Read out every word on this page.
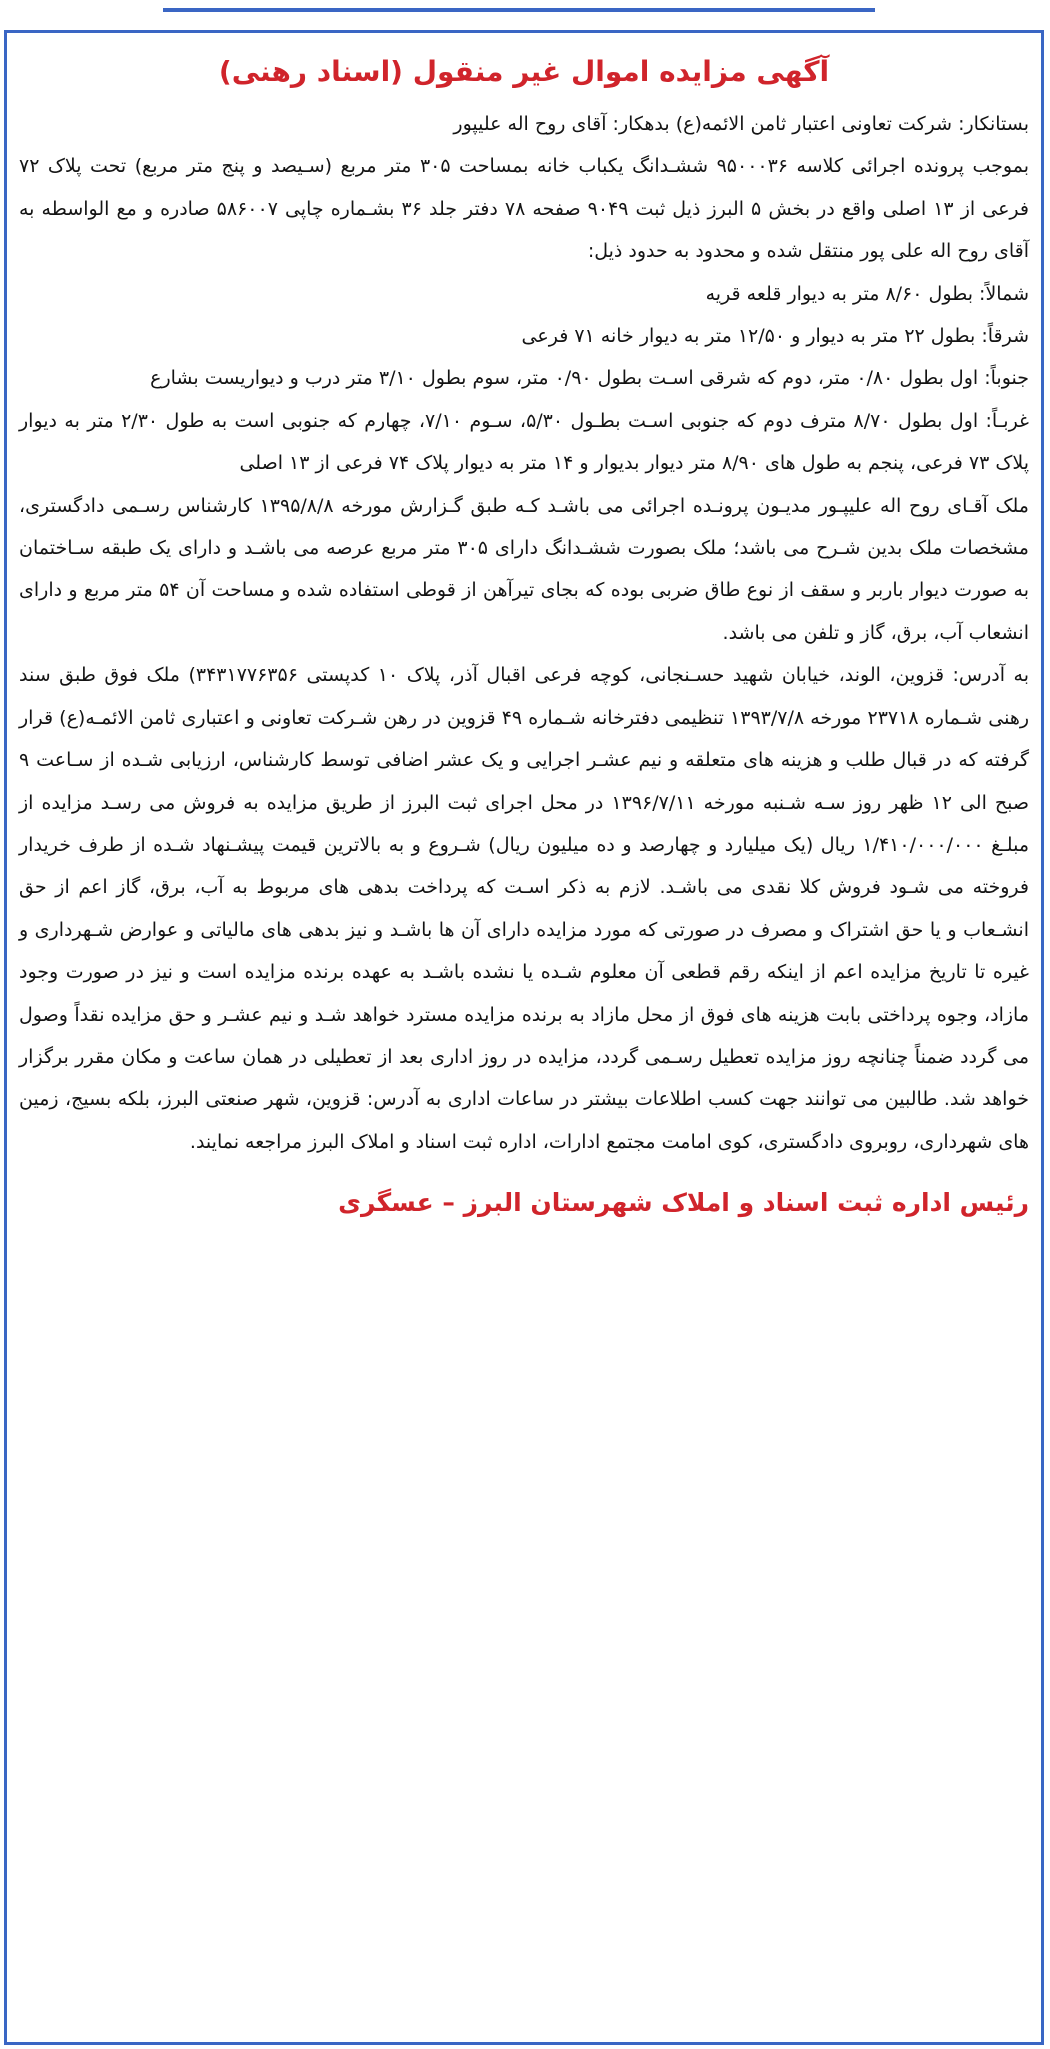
آگهی مزایده اموال غیر منقول (اسناد رهنی)

بستانکار: شرکت تعاونی اعتبار ثامن الائمه(ع) بدهکار: آقای روح اله علیپور

بموجب پرونده اجرائی کلاسه ۹۵۰۰۰۳۶ ششـدانگ یکباب خانه بمساحت ۳۰۵ متر مربع (سـیصد و پنج متر مربع) تحت پلاک ۷۲ فرعی از ۱۳ اصلی واقع در بخش ۵ البرز ذیل ثبت ۹۰۴۹ صفحه ۷۸ دفتر جلد ۳۶ بشـماره چاپی ۵۸۶۰۰۷ صادره و مع الواسطه به آقای روح اله علی پور منتقل شده و محدود به حدود ذیل:

شمالاً: بطول ۸/۶۰ متر به دیوار قلعه قریه

شرقاً: بطول ۲۲ متر به دیوار و ۱۲/۵۰ متر به دیوار خانه ۷۱ فرعی

جنوباً: اول بطول ۰/۸۰ متر، دوم که شرقی اسـت بطول ۰/۹۰ متر، سوم بطول ۳/۱۰ متر درب و دیواریست بشارع

غربـاً: اول بطول ۸/۷۰ مترف دوم که جنوبی اسـت بطـول ۵/۳۰، سـوم ۷/۱۰، چهارم که جنوبی است به طول ۲/۳۰ متر به دیوار پلاک ۷۳ فرعی، پنجم به طول های ۸/۹۰ متر دیوار بدیوار و ۱۴ متر به دیوار پلاک ۷۴ فرعی از ۱۳ اصلی

ملک آقـای روح اله علیپـور مدیـون پرونـده اجرائی می باشـد کـه طبق گـزارش مورخه ۱۳۹۵/۸/۸ کارشناس رسـمی دادگستری، مشخصات ملک بدین شـرح می باشد؛ ملک بصورت ششـدانگ دارای ۳۰۵ متر مربع عرصه می باشـد و دارای یک طبقه سـاختمان به صورت دیوار باربر و سقف از نوع طاق ضربی بوده که بجای تیرآهن از قوطی استفاده شده و مساحت آن ۵۴ متر مربع و دارای انشعاب آب، برق، گاز و تلفن می باشد.

به آدرس: قزوین، الوند، خیابان شهید حسـنجانی، کوچه فرعی اقبال آذر، پلاک ۱۰ کدپستی ۳۴۳۱۷۷۶۳۵۶) ملک فوق طبق سند رهنی شـماره ۲۳۷۱۸ مورخه ۱۳۹۳/۷/۸ تنظیمی دفترخانه شـماره ۴۹ قزوین در رهن شـرکت تعاونی و اعتباری ثامن الائمـه(ع) قرار گرفته که در قبال طلب و هزینه های متعلقه و نیم عشـر اجرایی و یک عشر اضافی توسط کارشناس، ارزیابی شـده از سـاعت ۹ صبح الی ۱۲ ظهر روز سـه شـنبه مورخه ۱۳۹۶/۷/۱۱ در محل اجرای ثبت البرز از طریق مزایده به فروش می رسـد مزایده از مبلـغ ۱/۴۱۰/۰۰۰/۰۰۰ ریال (یک میلیارد و چهارصد و ده میلیون ریال) شـروع و به بالاترین قیمت پیشـنهاد شـده از طرف خریدار فروخته می شـود فروش کلا نقدی می باشـد. لازم به ذکر اسـت که پرداخت بدهی های مربوط به آب، برق، گاز اعم از حق انشـعاب و یا حق اشتراک و مصرف در صورتی که مورد مزایده دارای آن ها باشـد و نیز بدهی های مالیاتی و عوارض شـهرداری و غیره تا تاریخ مزایده اعم از اینکه رقم قطعی آن معلوم شـده یا نشده باشـد به عهده برنده مزایده است و نیز در صورت وجود مازاد، وجوه پرداختی بابت هزینه های فوق از محل مازاد به برنده مزایده مسترد خواهد شـد و نیم عشـر و حق مزایده نقداً وصول می گردد ضمناً چنانچه روز مزایده تعطیل رسـمی گردد، مزایده در روز اداری بعد از تعطیلی در همان ساعت و مکان مقرر برگزار خواهد شد. طالبین می توانند جهت کسب اطلاعات بیشتر در ساعات اداری به آدرس: قزوین، شهر صنعتی البرز، بلکه بسیج، زمین های شهرداری، روبروی دادگستری، کوی امامت مجتمع ادارات، اداره ثبت اسناد و املاک البرز مراجعه نمایند.

رئیس اداره ثبت اسناد و املاک شهرستان البرز – عسگری
